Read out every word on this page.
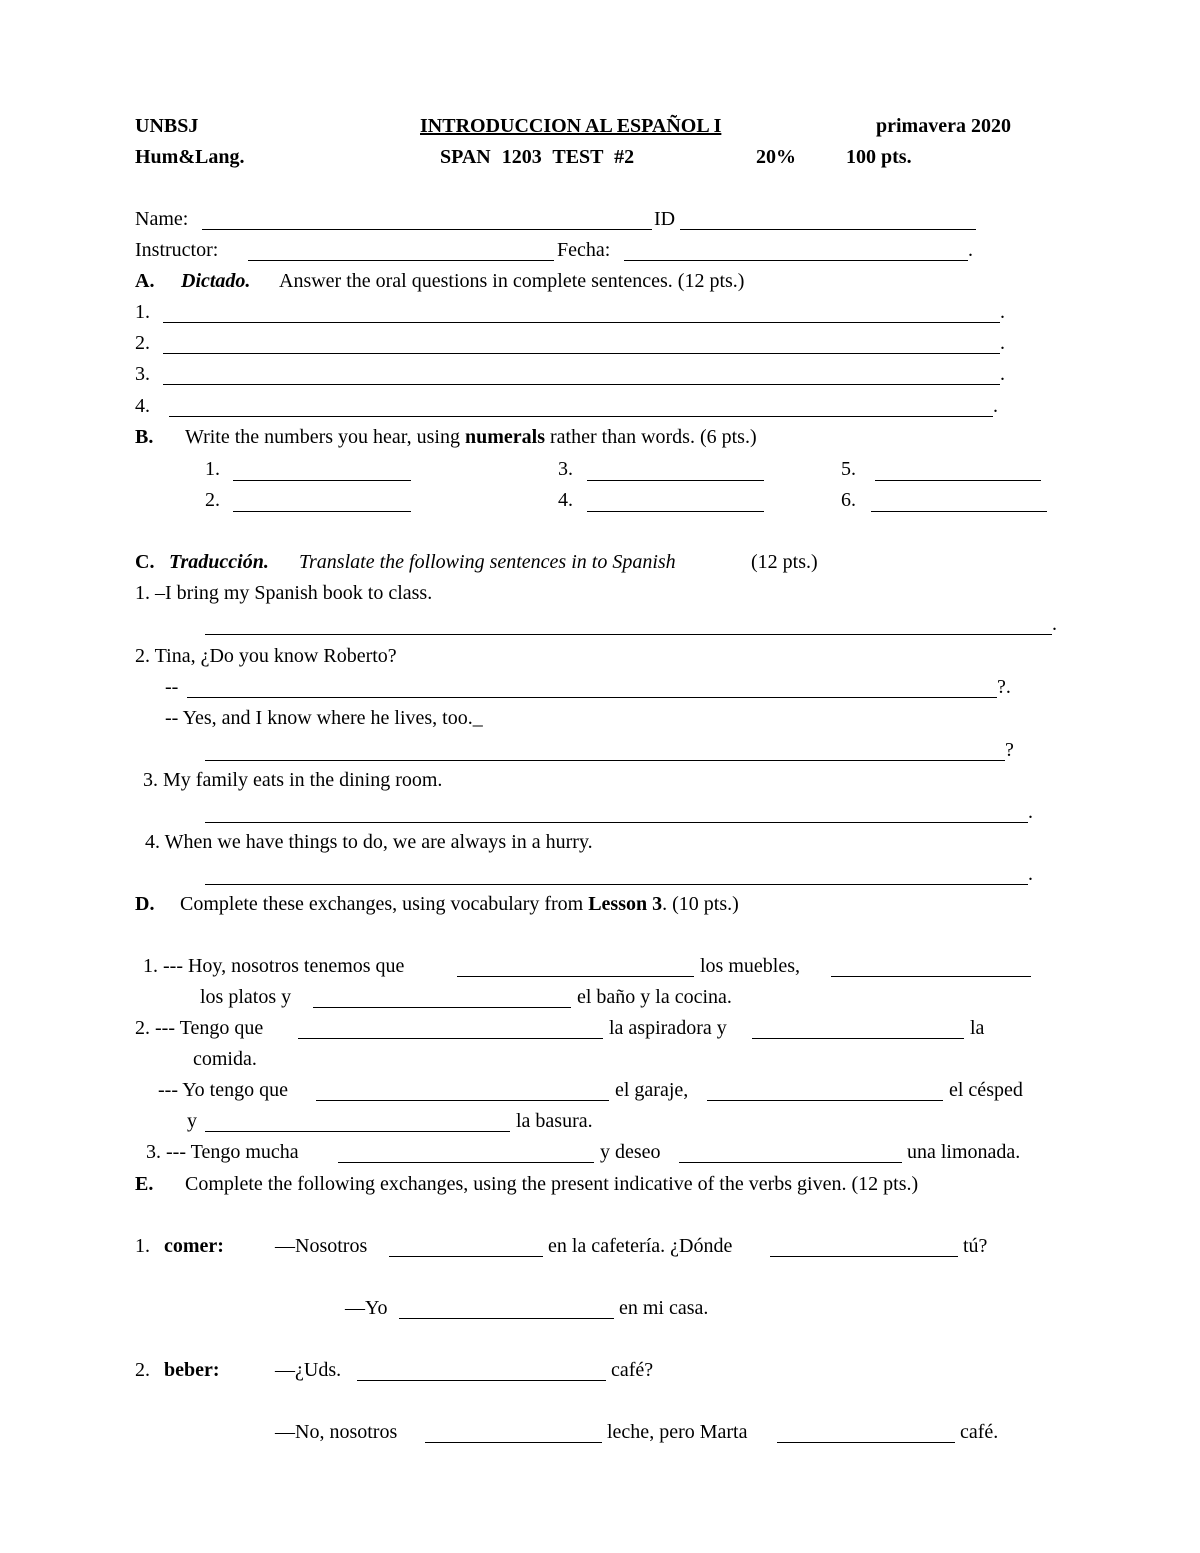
UNBSJ	INTRODUCCION AL ESPAÑOL I	primavera 2020
Hum&Lang.	SPAN 1203 TEST #2	20%	100 pts.
Name:	ID
Instructor:	Fecha:	.
A. Dictado. Answer the oral questions in complete sentences. (12 pts.)
1.	.
2.	.
3.	.
4.	.
B. Write the numbers you hear, using numerals rather than words. (6 pts.)
1.	3.	5.
2.	4.	6.
C. Traducción. Translate the following sentences in to Spanish	(12 pts.)
1. –I bring my Spanish book to class.
.
2. Tina, ¿Do you know Roberto?
--	?.
-- Yes, and I know where he lives, too._
?
3. My family eats in the dining room.
.
4. When we have things to do, we are always in a hurry.
.
D. Complete these exchanges, using vocabulary from Lesson 3. (10 pts.)
1. --- Hoy, nosotros tenemos que	los muebles,
los platos y	el baño y la cocina.
2. --- Tengo que	la aspiradora y	la
comida.
--- Yo tengo que	el garaje,	el césped
y	la basura.
3. --- Tengo mucha	y deseo	una limonada.
E. Complete the following exchanges, using the present indicative of the verbs given. (12 pts.)
1. comer:	—Nosotros	en la cafetería. ¿Dónde	tú?
—Yo	en mi casa.
2. beber:	—¿Uds.	café?
—No, nosotros	leche, pero Marta	café.
